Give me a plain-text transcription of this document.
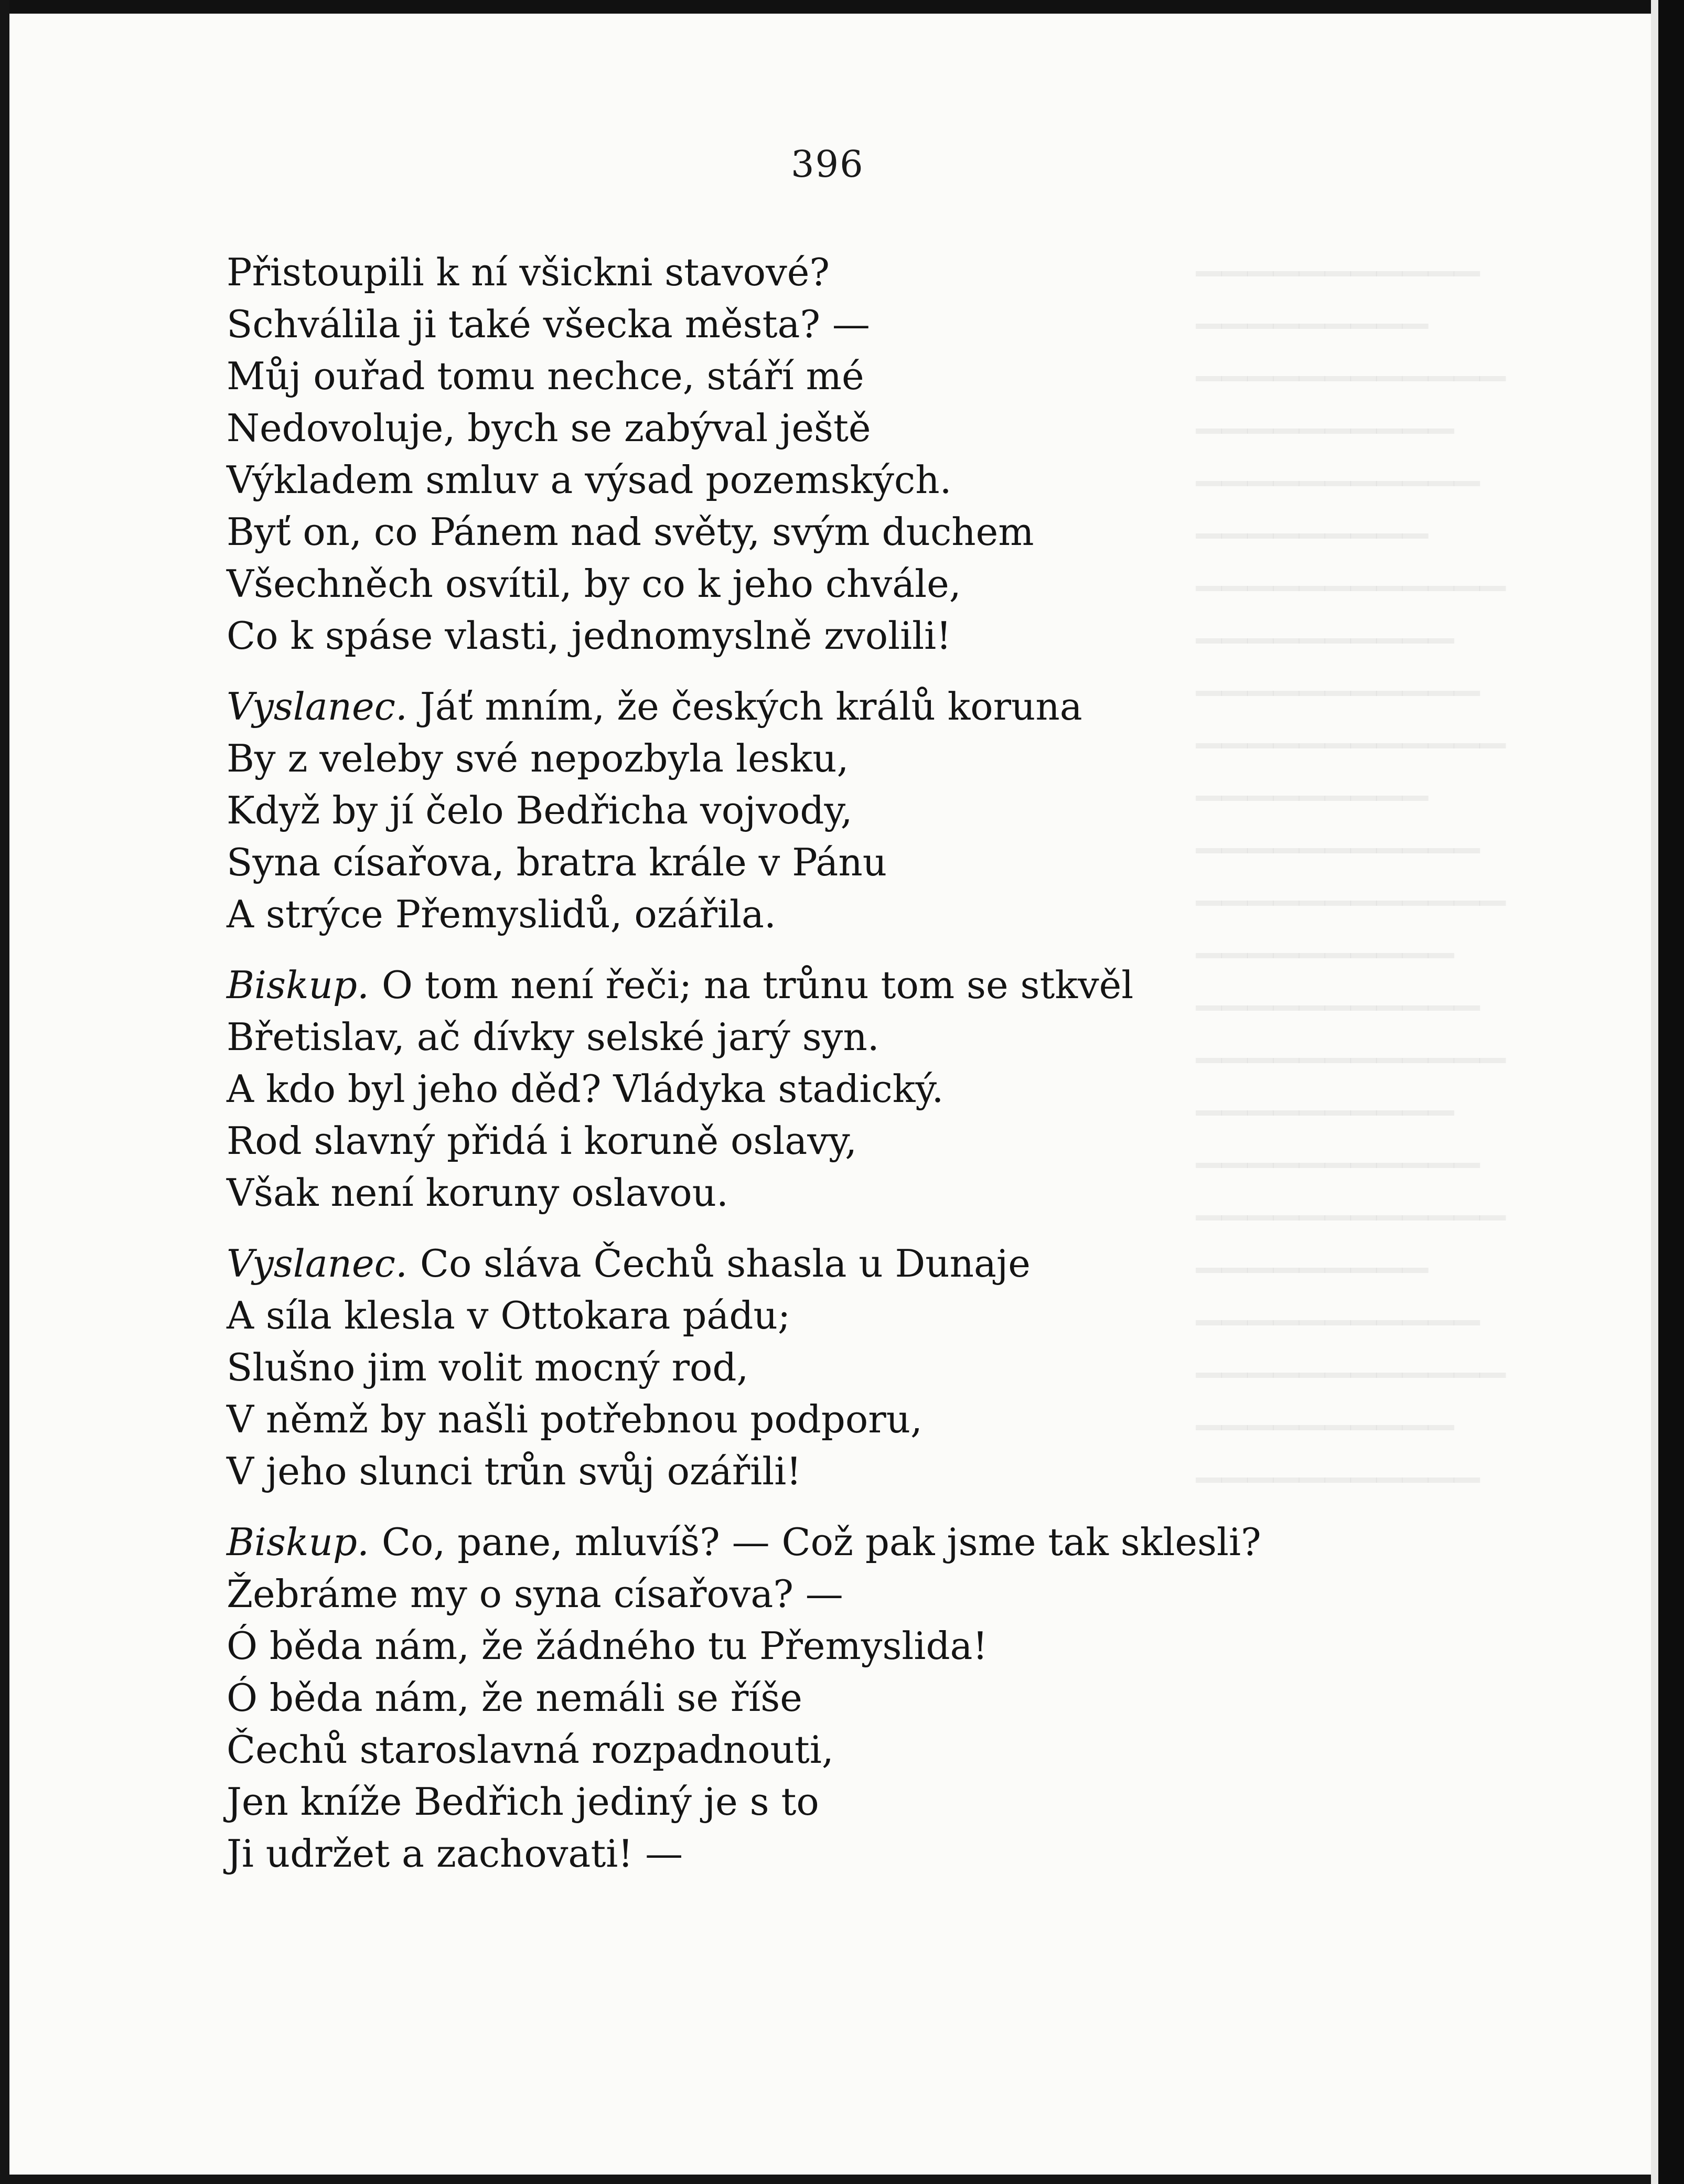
▁▁▁▁▁▁▁▁▁▁▁
▁▁▁▁▁▁▁▁▁
▁▁▁▁▁▁▁▁▁▁▁▁
▁▁▁▁▁▁▁▁▁▁
▁▁▁▁▁▁▁▁▁▁▁
▁▁▁▁▁▁▁▁▁
▁▁▁▁▁▁▁▁▁▁▁▁
▁▁▁▁▁▁▁▁▁▁
▁▁▁▁▁▁▁▁▁▁▁
▁▁▁▁▁▁▁▁▁▁▁▁
▁▁▁▁▁▁▁▁▁
▁▁▁▁▁▁▁▁▁▁▁
▁▁▁▁▁▁▁▁▁▁▁▁
▁▁▁▁▁▁▁▁▁▁
▁▁▁▁▁▁▁▁▁▁▁
▁▁▁▁▁▁▁▁▁▁▁▁
▁▁▁▁▁▁▁▁▁▁
▁▁▁▁▁▁▁▁▁▁▁
▁▁▁▁▁▁▁▁▁▁▁▁
▁▁▁▁▁▁▁▁▁
▁▁▁▁▁▁▁▁▁▁▁
▁▁▁▁▁▁▁▁▁▁▁▁
▁▁▁▁▁▁▁▁▁▁
▁▁▁▁▁▁▁▁▁▁▁
396
Přistoupili k ní všickni stavové?
Schválila ji také všecka města? —
Můj ouřad tomu nechce, stáří mé
Nedovoluje, bych se zabýval ještě
Výkladem smluv a výsad pozemských.
Byť on, co Pánem nad světy, svým duchem
Všechněch osvítil, by co k jeho chvále,
Co k spáse vlasti, jednomyslně zvolili!
Vyslanec. Jáť mním, že českých králů koruna
By z veleby své nepozbyla lesku,
Když by jí čelo Bedřicha vojvody,
Syna císařova, bratra krále v Pánu
A strýce Přemyslidů, ozářila.
Biskup. O tom není řeči; na trůnu tom se stkvěl
Břetislav, ač dívky selské jarý syn.
A kdo byl jeho děd? Vládyka stadický.
Rod slavný přidá i koruně oslavy,
Však není koruny oslavou.
Vyslanec. Co sláva Čechů shasla u Dunaje
A síla klesla v Ottokara pádu;
Slušno jim volit mocný rod,
V němž by našli potřebnou podporu,
V jeho slunci trůn svůj ozářili!
Biskup. Co, pane, mluvíš? — Což pak jsme tak sklesli?
Žebráme my o syna císařova? —
Ó běda nám, že žádného tu Přemyslida!
Ó běda nám, že nemáli se říše
Čechů staroslavná rozpadnouti,
Jen kníže Bedřich jediný je s to
Ji udržet a zachovati! —
